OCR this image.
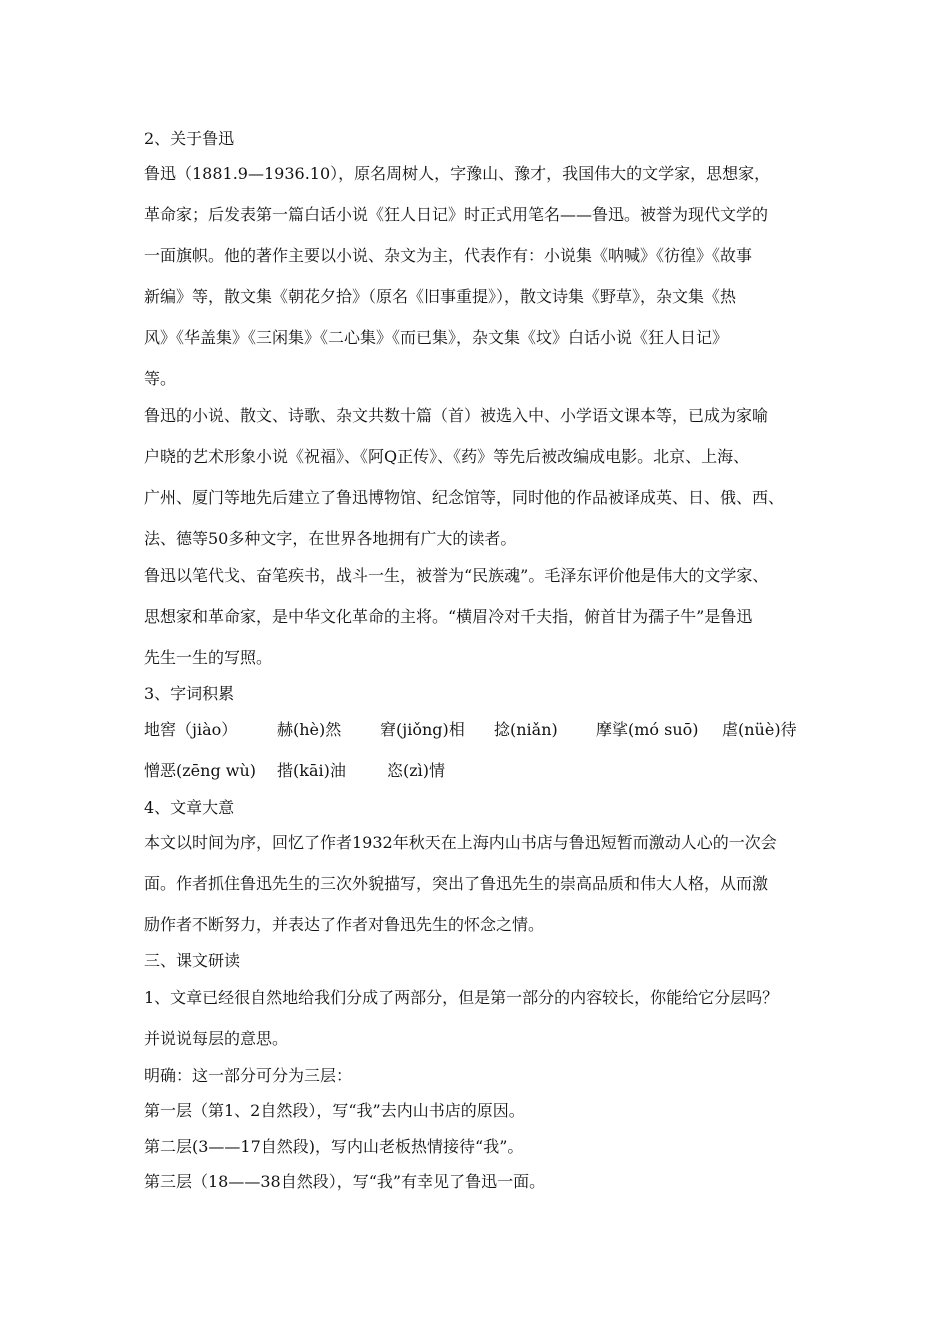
2、关于鲁迅
鲁迅（1881.9—1936.10），原名周树人，字豫山、豫才，我国伟大的文学家，思想家，
革命家；后发表第一篇白话小说《狂人日记》时正式用笔名——鲁迅。被誉为现代文学的
一面旗帜。他的著作主要以小说、杂文为主，代表作有：小说集《呐喊》《彷徨》《故事
新编》等，散文集《朝花夕拾》（原名《旧事重提》），散文诗集《野草》，杂文集《热
风》《华盖集》《三闲集》《二心集》《而已集》，杂文集《坟》白话小说《狂人日记》
等。
鲁迅的小说、散文、诗歌、杂文共数十篇（首）被选入中、小学语文课本等，已成为家喻
户晓的艺术形象小说《祝福》、《阿Q正传》、《药》等先后被改编成电影。北京、上海、
广州、厦门等地先后建立了鲁迅博物馆、纪念馆等，同时他的作品被译成英、日、俄、西、
法、德等50多种文字，在世界各地拥有广大的读者。
鲁迅以笔代戈、奋笔疾书，战斗一生，被誉为“民族魂”。毛泽东评价他是伟大的文学家、
思想家和革命家，是中华文化革命的主将。“横眉冷对千夫指，俯首甘为孺子牛”是鲁迅
先生一生的写照。
3、字词积累
地窖（jiào） 赫(hè)然 窘(jiǒng)相 捻(niǎn) 摩挲(mó suō) 虐(nüè)待
憎恶(zēng wù) 揩(kāi)油	恣(zì)情
4、文章大意
本文以时间为序，回忆了作者1932年秋天在上海内山书店与鲁迅短暂而激动人心的一次会
面。作者抓住鲁迅先生的三次外貌描写，突出了鲁迅先生的崇高品质和伟大人格，从而激
励作者不断努力，并表达了作者对鲁迅先生的怀念之情。
三、课文研读
1、文章已经很自然地给我们分成了两部分，但是第一部分的内容较长，你能给它分层吗？
并说说每层的意思。
明确：这一部分可分为三层：
第一层（第1、2自然段），写“我”去内山书店的原因。
第二层(3——17自然段)，写内山老板热情接待“我”。
第三层（18——38自然段），写“我”有幸见了鲁迅一面。
